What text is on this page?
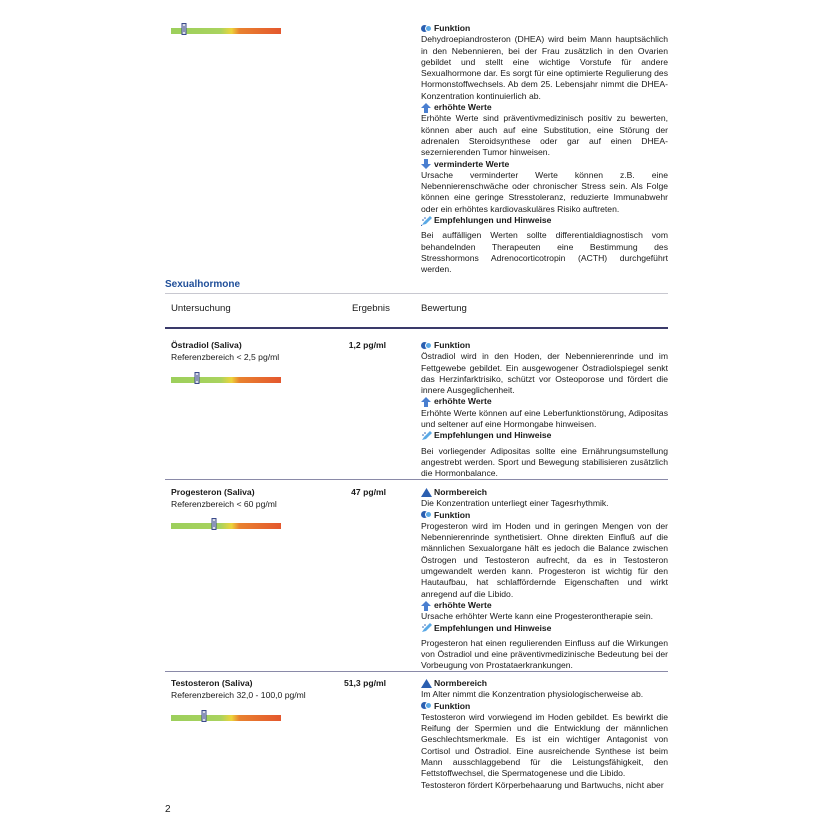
Funktion

Dehydroepiandrosteron (DHEA) wird beim Mann hauptsächlich in den Nebennieren, bei der Frau zusätzlich in den Ovarien gebildet und stellt eine wichtige Vorstufe für andere Sexualhormone dar. Es sorgt für eine optimierte Regulierung des Hormonstoffwechsels. Ab dem 25. Lebensjahr nimmt die DHEA-Konzentration kontinuierlich ab.

erhöhte Werte

Erhöhte Werte sind präventivmedizinisch positiv zu bewerten, können aber auch auf eine Substitution, eine Störung der adrenalen Steroidsynthese oder gar auf einen DHEA-sezernierenden Tumor hinweisen.

verminderte Werte

Ursache verminderter Werte können z.B. eine Nebennierenschwäche oder chronischer Stress sein. Als Folge können eine geringe Stresstoleranz, reduzierte Immunabwehr oder ein erhöhtes kardiovaskuläres Risiko auftreten.

Empfehlungen und Hinweise

Bei auffälligen Werten sollte differentialdiagnostisch vom behandelnden Therapeuten eine Bestimmung des Stresshormons Adrenocorticotropin (ACTH) durchgeführt werden.

Sexualhormone
Untersuchung	Ergebnis	Bewertung
Östradiol (Saliva)
Referenzbereich < 2,5 pg/ml
1,2 pg/ml	Funktion

Östradiol wird in den Hoden, der Nebennierenrinde und im Fettgewebe gebildet. Ein ausgewogener Östradiolspiegel senkt das Herzinfarktrisiko, schützt vor Osteoporose und fördert die innere Ausgeglichenheit.

erhöhte Werte

Erhöhte Werte können auf eine Leberfunktionstörung, Adipositas und seltener auf eine Hormongabe hinweisen.

Empfehlungen und Hinweise

Bei vorliegender Adipositas sollte eine Ernährungsumstellung angestrebt werden. Sport und Bewegung stabilisieren zusätzlich die Hormonbalance.

Progesteron (Saliva)
Referenzbereich < 60 pg/ml
47 pg/ml	Normbereich

Die Konzentration unterliegt einer Tagesrhythmik.

Funktion

Progesteron wird im Hoden und in geringen Mengen von der Nebennierenrinde synthetisiert. Ohne direkten Einfluß auf die männlichen Sexualorgane hält es jedoch die Balance zwischen Östrogen und Testosteron aufrecht, da es in Testosteron umgewandelt werden kann. Progesteron ist wichtig für den Hautaufbau, hat schlaffördernde Eigenschaften und wirkt anregend auf die Libido.

erhöhte Werte

Ursache erhöhter Werte kann eine Progesterontherapie sein.

Empfehlungen und Hinweise

Progesteron hat einen regulierenden Einfluss auf die Wirkungen von Östradiol und eine präventivmedizinische Bedeutung bei der Vorbeugung von Prostataerkrankungen.

Testosteron (Saliva)
Referenzbereich 32,0 - 100,0 pg/ml
51,3 pg/ml	Normbereich

Im Alter nimmt die Konzentration physiologischerweise ab.

Funktion

Testosteron wird vorwiegend im Hoden gebildet. Es bewirkt die Reifung der Spermien und die Entwicklung der männlichen Geschlechtsmerkmale. Es ist ein wichtiger Antagonist von Cortisol und Östradiol. Eine ausreichende Synthese ist beim Mann ausschlaggebend für die Leistungsfähigkeit, den Fettstoffwechsel, die Spermatogenese und die Libido.

Testosteron fördert Körperbehaarung und Bartwuchs, nicht aber

2
